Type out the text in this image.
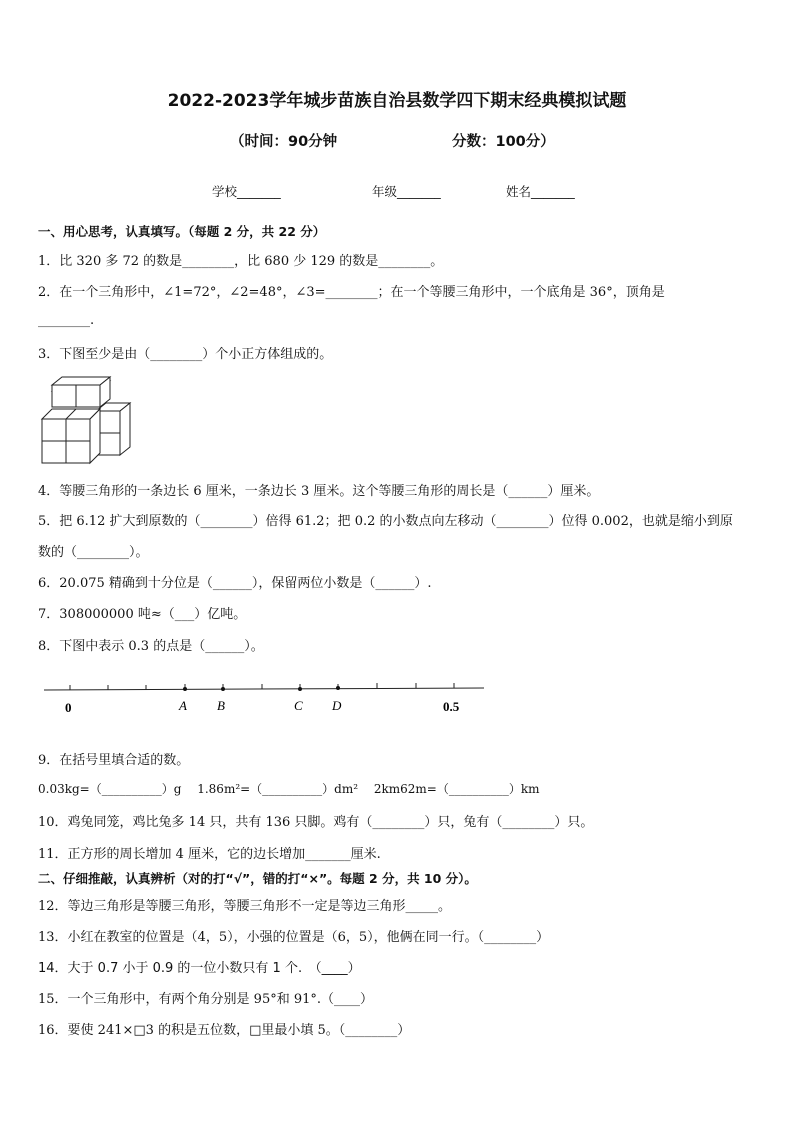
2022-2023学年城步苗族自治县数学四下期末经典模拟试题
（时间：90分钟	分数：100分）
学校_______	年级_______	姓名_______
一、用心思考，认真填写。（每题 2 分，共 22 分）
1．比 320 多 72 的数是________，比 680 少 129 的数是________。
2．在一个三角形中，∠1=72°，∠2=48°，∠3=________；在一个等腰三角形中，一个底角是 36°，顶角是
________.
3．下图至少是由（________）个小正方体组成的。
4．等腰三角形的一条边长 6 厘米，一条边长 3 厘米。这个等腰三角形的周长是（______）厘米。
5．把 6.12 扩大到原数的（________）倍得 61.2；把 0.2 的小数点向左移动（________）位得 0.002，也就是缩小到原
数的（________）。
6．20.075 精确到十分位是（______），保留两位小数是（______）.
7．308000000 吨≈（___）亿吨。
8．下图中表示 0.3 的点是（______）。
0	A B	C D	0.5
9．在括号里填合适的数。
0.03kg=（__________）g　 1.86m²=（__________）dm²　 2km62m=（__________）km
10．鸡兔同笼，鸡比兔多 14 只，共有 136 只脚。鸡有（________）只，兔有（________）只。
11．正方形的周长增加 4 厘米，它的边长增加_______厘米.
二、仔细推敲，认真辨析（对的打“√”，错的打“×”。每题 2 分，共 10 分）。
12．等边三角形是等腰三角形，等腰三角形不一定是等边三角形_____。
13．小红在教室的位置是（4，5），小强的位置是（6，5），他俩在同一行。（________）
14．大于 0.7 小于 0.9 的一位小数只有 1 个.　（____）
15．一个三角形中，有两个角分别是 95°和 91°.（____）
16．要使 241×□3 的积是五位数，□里最小填 5。（________）
